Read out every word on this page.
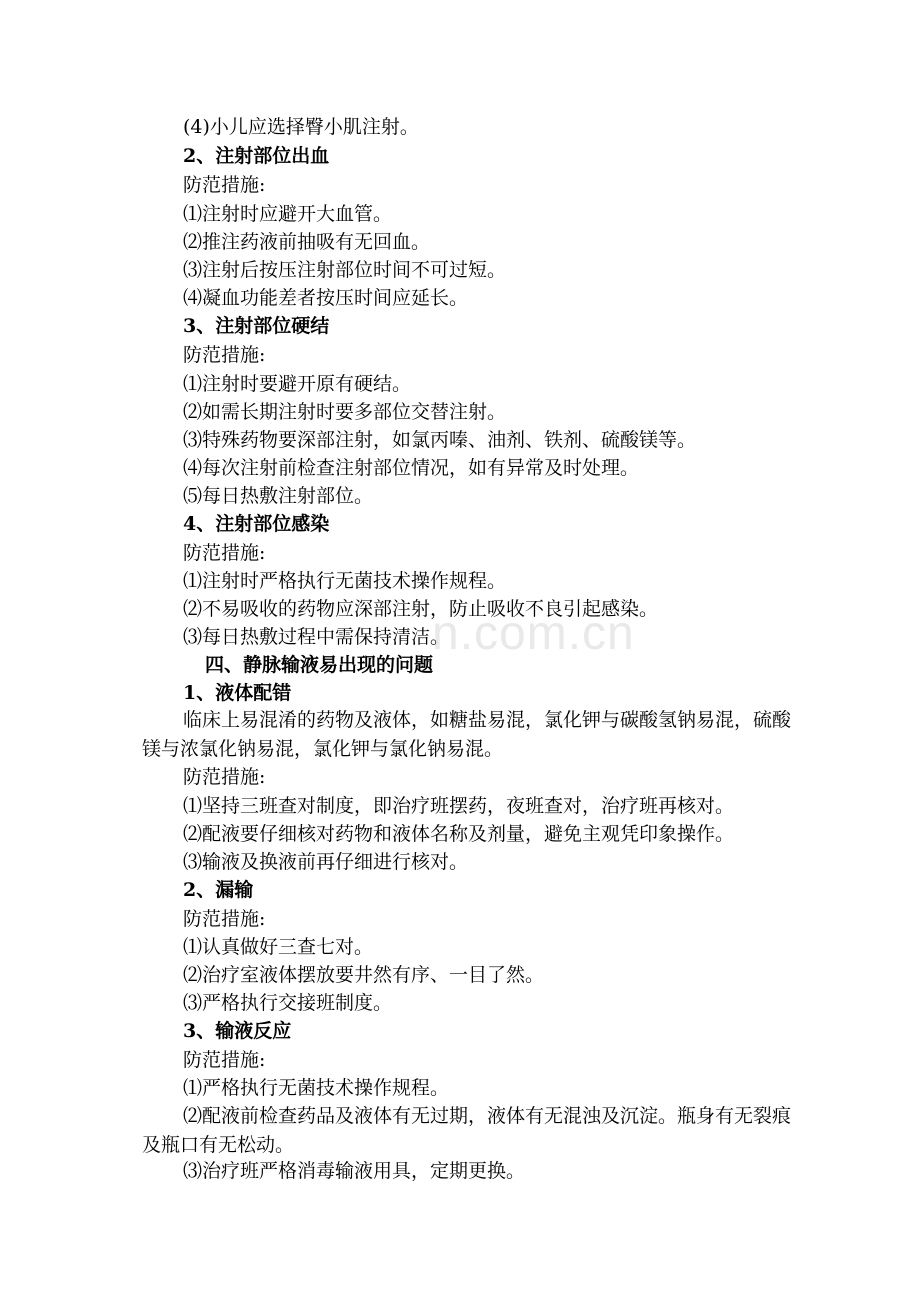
n.com.cn
(4)小儿应选择臀小肌注射。
2、注射部位出血
防范措施:
⑴注射时应避开大血管。
⑵推注药液前抽吸有无回血。
⑶注射后按压注射部位时间不可过短。
⑷凝血功能差者按压时间应延长。
3、注射部位硬结
防范措施:
⑴注射时要避开原有硬结。
⑵如需长期注射时要多部位交替注射。
⑶特殊药物要深部注射，如氯丙嗪、油剂、铁剂、硫酸镁等。
⑷每次注射前检查注射部位情况，如有异常及时处理。
⑸每日热敷注射部位。
4、注射部位感染
防范措施:
⑴注射时严格执行无菌技术操作规程。
⑵不易吸收的药物应深部注射，防止吸收不良引起感染。
⑶每日热敷过程中需保持清洁。
四、静脉输液易出现的问题
1、液体配错
临床上易混淆的药物及液体，如糖盐易混，氯化钾与碳酸氢钠易混，硫酸镁与浓氯化钠易混，氯化钾与氯化钠易混。
防范措施:
⑴坚持三班查对制度，即治疗班摆药，夜班查对，治疗班再核对。
⑵配液要仔细核对药物和液体名称及剂量，避免主观凭印象操作。
⑶输液及换液前再仔细进行核对。
2、漏输
防范措施:
⑴认真做好三查七对。
⑵治疗室液体摆放要井然有序、一目了然。
⑶严格执行交接班制度。
3、输液反应
防范措施:
⑴严格执行无菌技术操作规程。
⑵配液前检查药品及液体有无过期，液体有无混浊及沉淀。瓶身有无裂痕及瓶口有无松动。
⑶治疗班严格消毒输液用具，定期更换。
